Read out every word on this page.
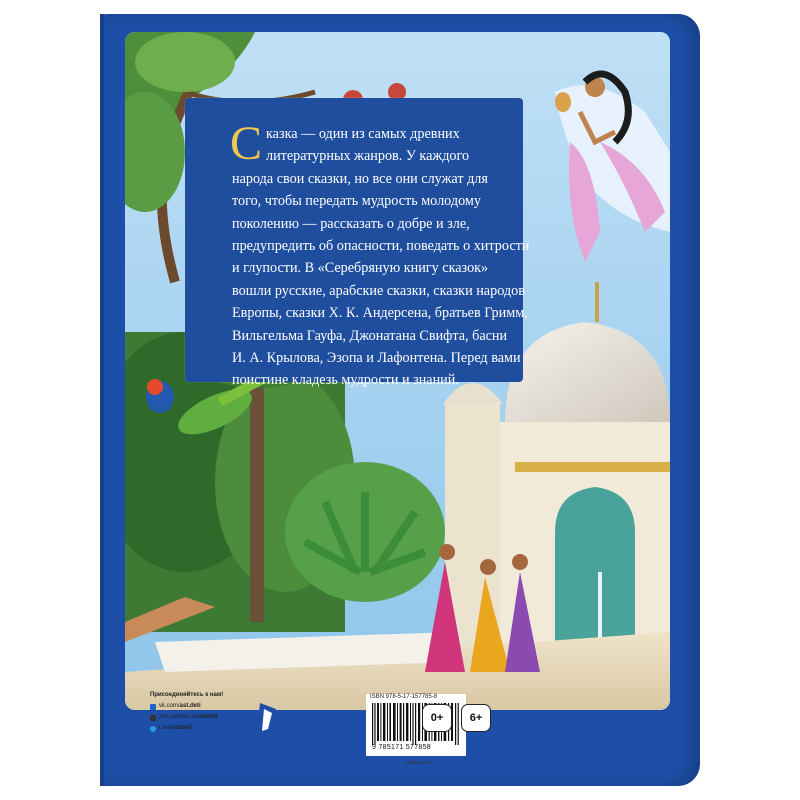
С казка — один из самых древних
литературных жанров. У каждого
народа свои сказки, но все они служат для
того, чтобы передать мудрость молодому
поколению — рассказать о добре и зле,
предупредить об опасности, поведать о хитрости
и глупости. В «Серебряную книгу сказок»
вошли русские, арабские сказки, сказки народов
Европы, сказки Х. К. Андерсена, братьев Гримм,
Вильгельма Гауфа, Джонатана Свифта, басни
И. А. Крылова, Эзопа и Лафонтена. Перед вами
поистине кладезь мудрости и знаний.

Присоединяйтесь к нам!
vk.com/ ast.deti
zen.yandex.ru/ astdeti
t.me/ astdeti
ISBN 978-5-17-157785-8
9 785171 577858
www.ast.ru
0+	6+
